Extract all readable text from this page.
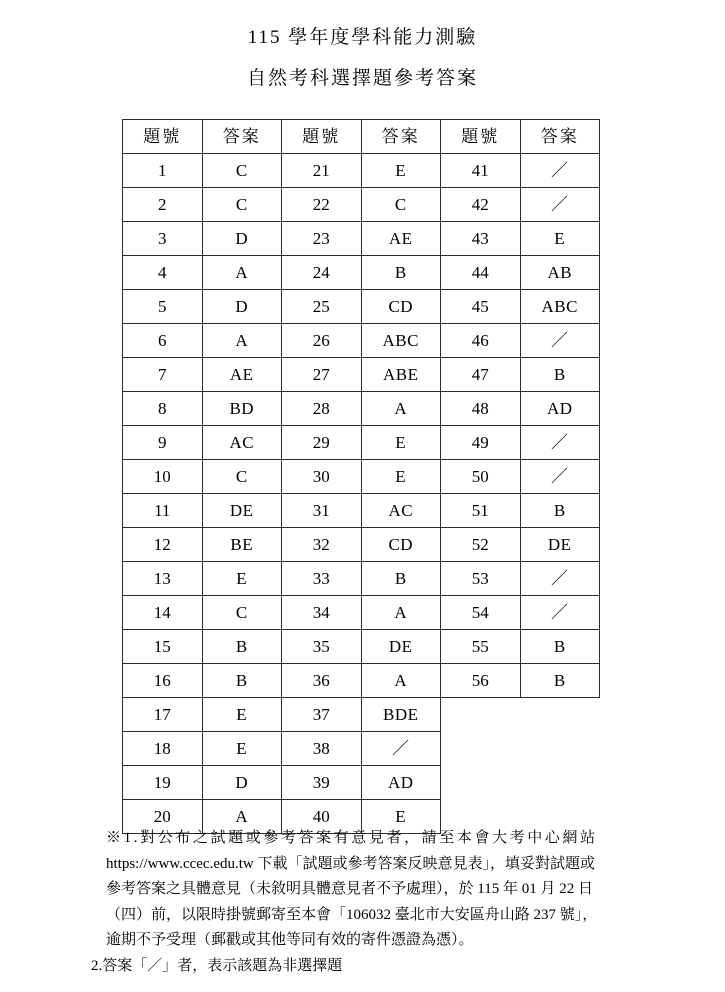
115 學年度學科能力測驗
自然考科選擇題參考答案
題號	答案	題號	答案	題號	答案
1	C	21	E	41	／
2	C	22	C	42	／
3	D	23	AE	43	E
4	A	24	B	44	AB
5	D	25	CD	45	ABC
6	A	26	ABC	46	／
7	AE	27	ABE	47	B
8	BD	28	A	48	AD
9	AC	29	E	49	／
10	C	30	E	50	／
11	DE	31	AC	51	B
12	BE	32	CD	52	DE
13	E	33	B	53	／
14	C	34	A	54	／
15	B	35	DE	55	B
16	B	36	A	56	B
17	E	37	BDE		
18	E	38	／		
19	D	39	AD		
20	A	40	E		
※1.對公布之試題或參考答案有意見者，請至本會大考中心網站
https://www.ccec.edu.tw 下載「試題或參考答案反映意見表」，填妥對試題或
參考答案之具體意見（未敘明具體意見者不予處理），於 115 年 01 月 22 日
（四）前，以限時掛號郵寄至本會「106032 臺北市大安區舟山路 237 號」，
逾期不予受理（郵戳或其他等同有效的寄件憑證為憑）。
2.答案「／」者，表示該題為非選擇題
